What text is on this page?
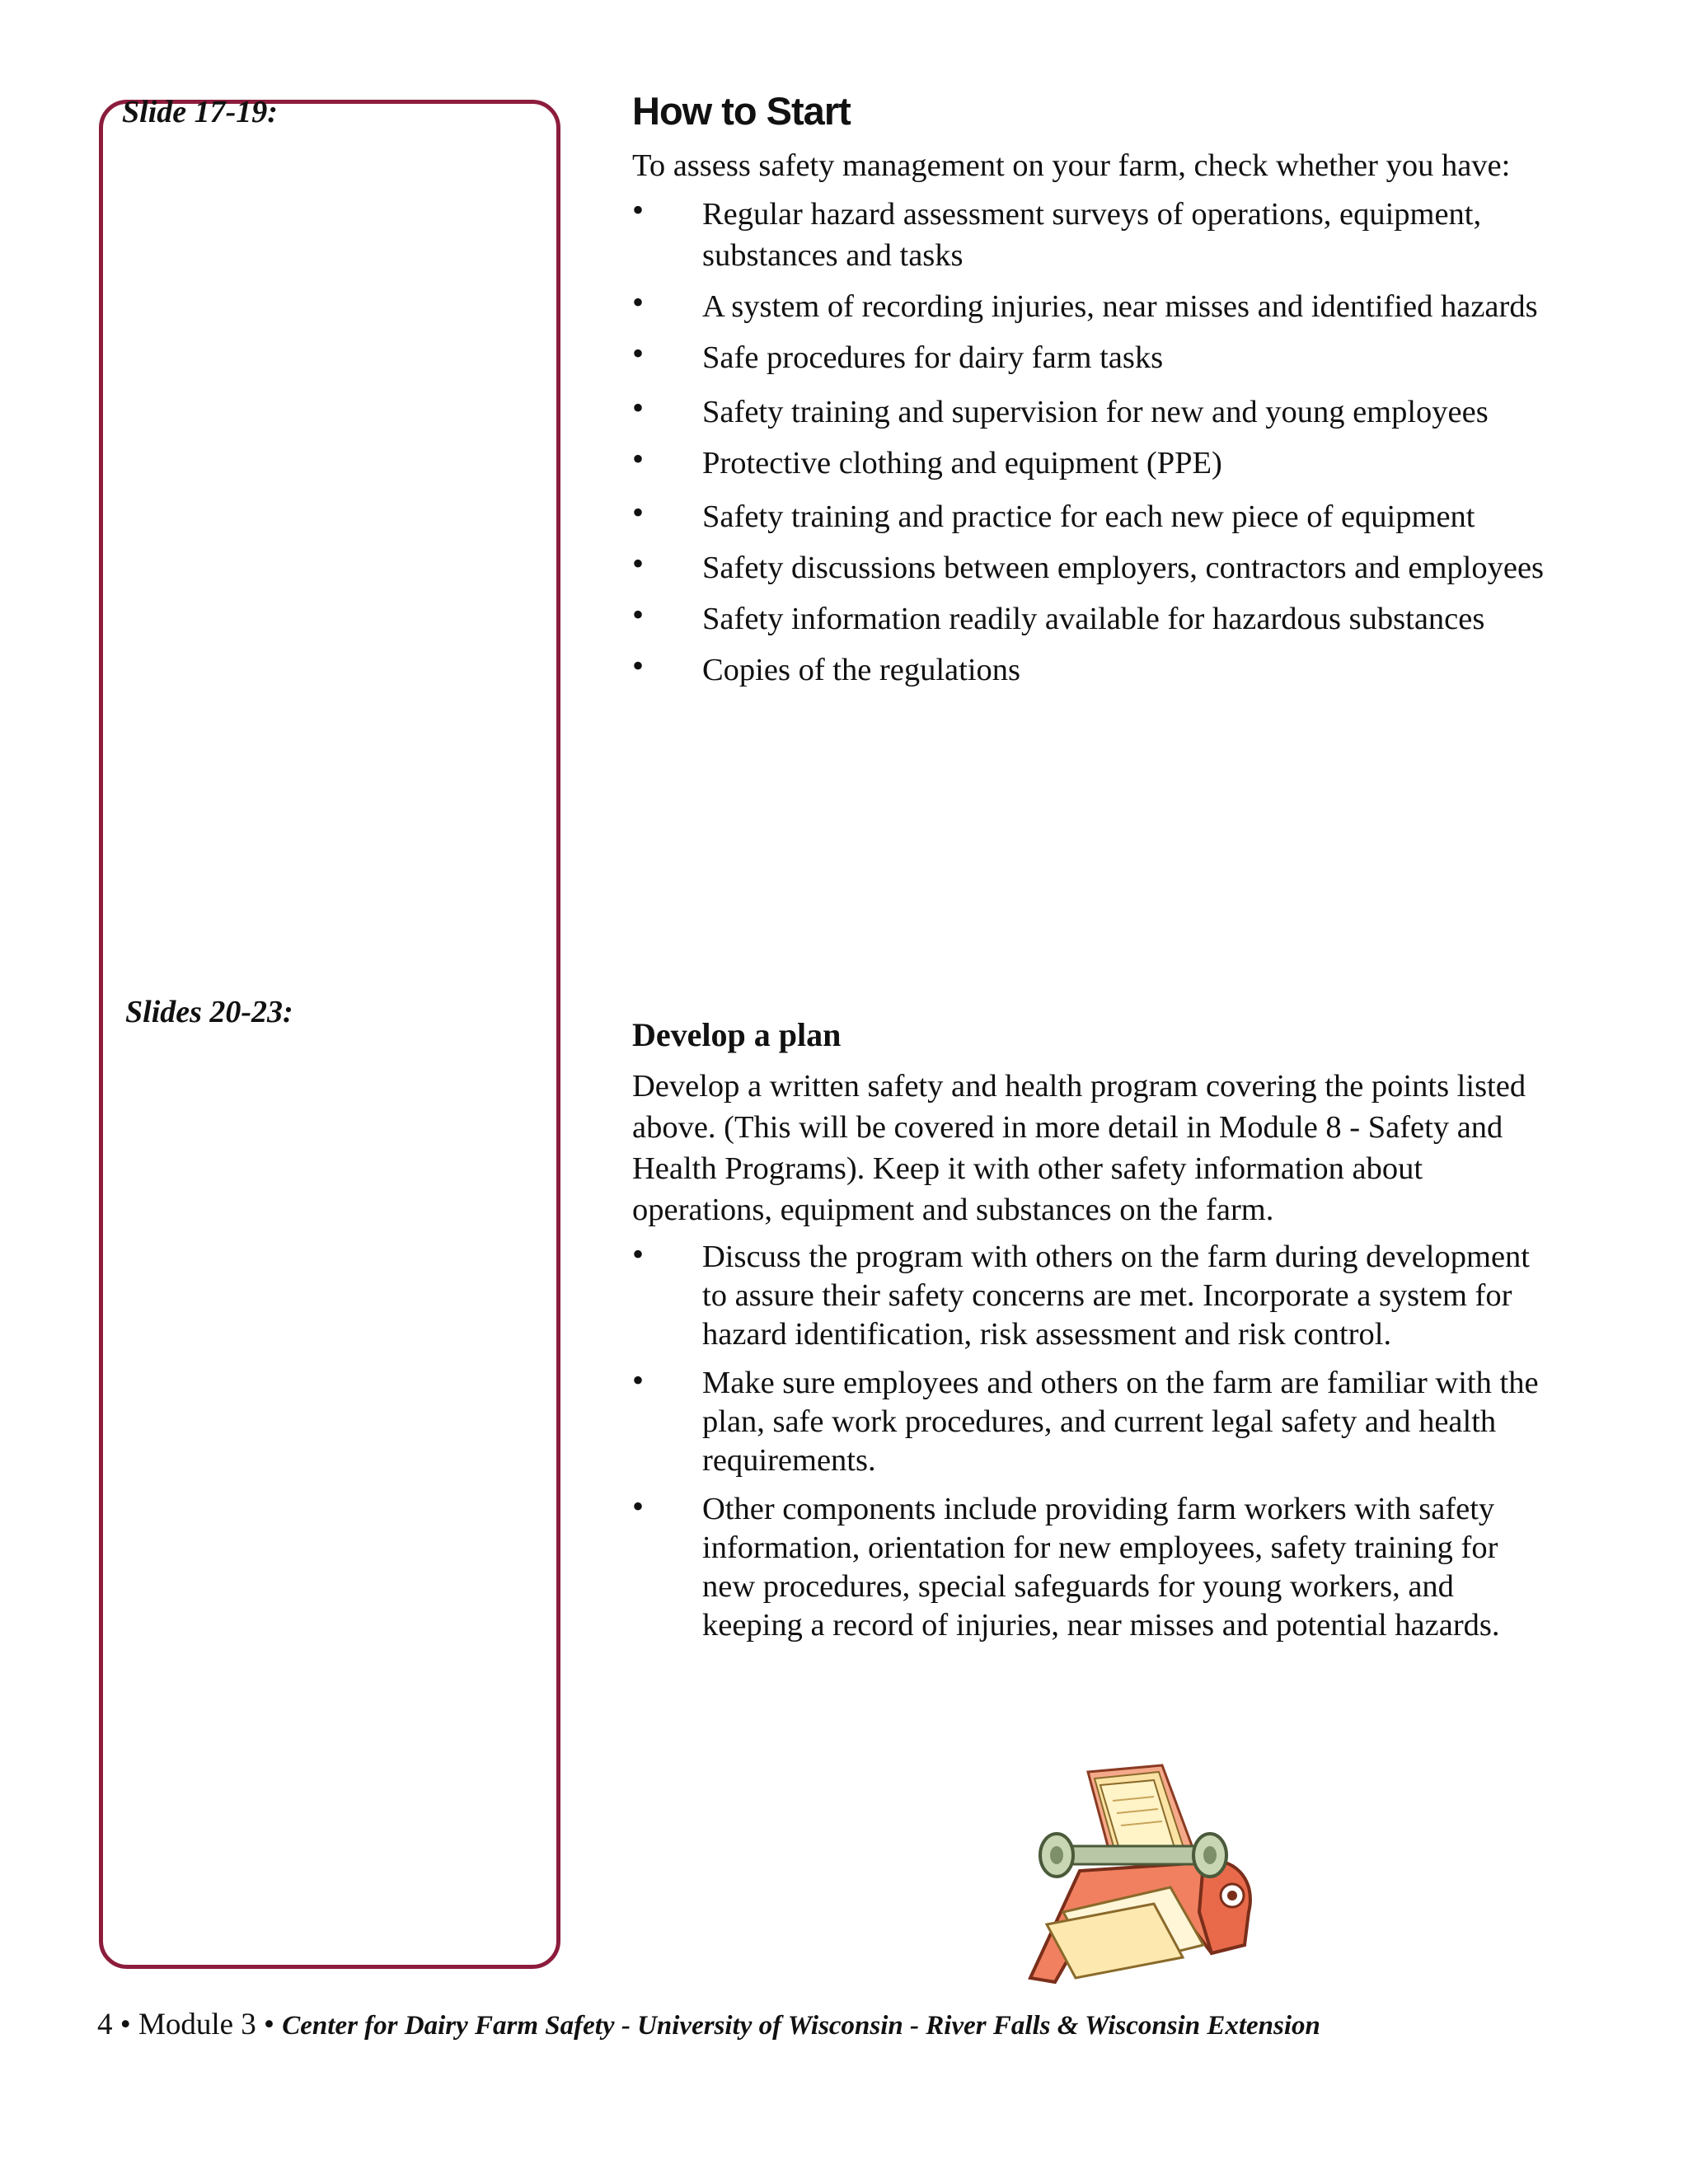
Slide 17-19:
Slides 20-23:
How to Start

To assess safety management on your farm, check whether you have:

• Regular hazard assessment surveys of operations, equipment, substances and tasks
• A system of recording injuries, near misses and identified hazards
• Safe procedures for dairy farm tasks
• Safety training and supervision for new and young employees
• Protective clothing and equipment (PPE)
• Safety training and practice for each new piece of equipment
• Safety discussions between employers, contractors and employees
• Safety information readily available for hazardous substances
• Copies of the regulations
Develop a plan

Develop a written safety and health program covering the points listed above. (This will be covered in more detail in Module 8 - Safety and Health Programs). Keep it with other safety information about operations, equipment and substances on the farm.

• Discuss the program with others on the farm during development to assure their safety concerns are met. Incorporate a system for hazard identification, risk assessment and risk control.
• Make sure employees and others on the farm are familiar with the plan, safe work procedures, and current legal safety and health requirements.
• Other components include providing farm workers with safety information, orientation for new employees, safety training for new procedures, special safeguards for young workers, and keeping a record of injuries, near misses and potential hazards.
4 • Module 3 • Center for Dairy Farm Safety - University of Wisconsin - River Falls & Wisconsin Extension
